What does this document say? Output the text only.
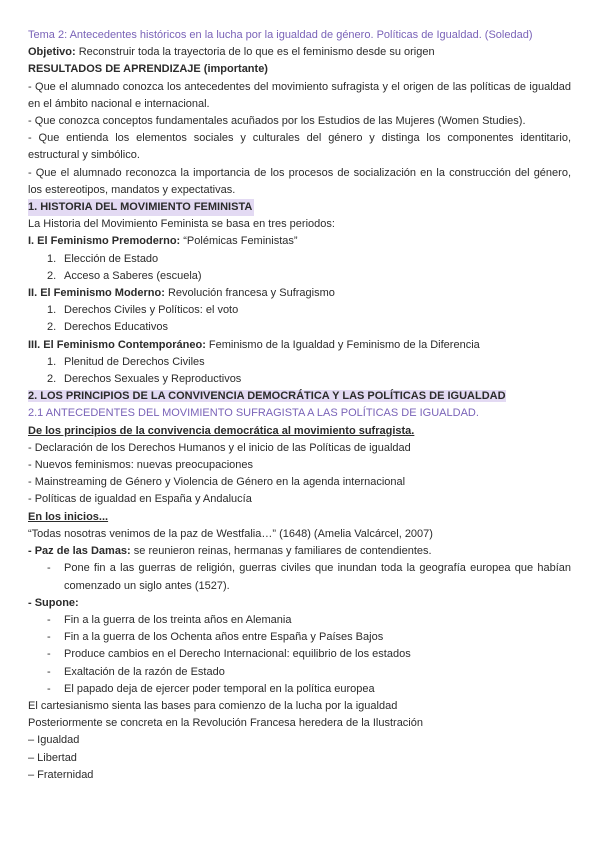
Tema 2: Antecedentes históricos en la lucha por la igualdad de género. Políticas de Igualdad. (Soledad)

Objetivo: Reconstruir toda la trayectoria de lo que es el feminismo desde su origen

RESULTADOS DE APRENDIZAJE (importante)

- Que el alumnado conozca los antecedentes del movimiento sufragista y el origen de las políticas de igualdad en el ámbito nacional e internacional.

- Que conozca conceptos fundamentales acuñados por los Estudios de las Mujeres (Women Studies).

- Que entienda los elementos sociales y culturales del género y distinga los componentes identitario, estructural y simbólico.

- Que el alumnado reconozca la importancia de los procesos de socialización en la construcción del género, los estereotipos, mandatos y expectativas.

1. HISTORIA DEL MOVIMIENTO FEMINISTA

La Historia del Movimiento Feminista se basa en tres periodos:

I. El Feminismo Premoderno: “Polémicas Feministas”

1. Elección de Estado
2. Acceso a Saberes (escuela)

II. El Feminismo Moderno: Revolución francesa y Sufragismo

1. Derechos Civiles y Políticos: el voto
2. Derechos Educativos

III. El Feminismo Contemporáneo: Feminismo de la Igualdad y Feminismo de la Diferencia

1. Plenitud de Derechos Civiles
2. Derechos Sexuales y Reproductivos

2. LOS PRINCIPIOS DE LA CONVIVENCIA DEMOCRÁTICA Y LAS POLÍTICAS DE IGUALDAD

2.1 ANTECEDENTES DEL MOVIMIENTO SUFRAGISTA A LAS POLÍTICAS DE IGUALDAD.

De los principios de la convivencia democrática al movimiento sufragista.

- Declaración de los Derechos Humanos y el inicio de las Políticas de igualdad

- Nuevos feminismos: nuevas preocupaciones

- Mainstreaming de Género y Violencia de Género en la agenda internacional

- Políticas de igualdad en España y Andalucía

En los inicios...

“Todas nosotras venimos de la paz de Westfalia…” (1648) (Amelia Valcárcel, 2007)

- Paz de las Damas: se reunieron reinas, hermanas y familiares de contendientes.

- Pone fin a las guerras de religión, guerras civiles que inundan toda la geografía europea que habían comenzado un siglo antes (1527).

- Supone:

- Fin a la guerra de los treinta años en Alemania
- Fin a la guerra de los Ochenta años entre España y Países Bajos
- Produce cambios en el Derecho Internacional: equilibrio de los estados
- Exaltación de la razón de Estado
- El papado deja de ejercer poder temporal en la política europea

El cartesianismo sienta las bases para comienzo de la lucha por la igualdad

Posteriormente se concreta en la Revolución Francesa heredera de la Ilustración

– Igualdad

– Libertad

– Fraternidad
